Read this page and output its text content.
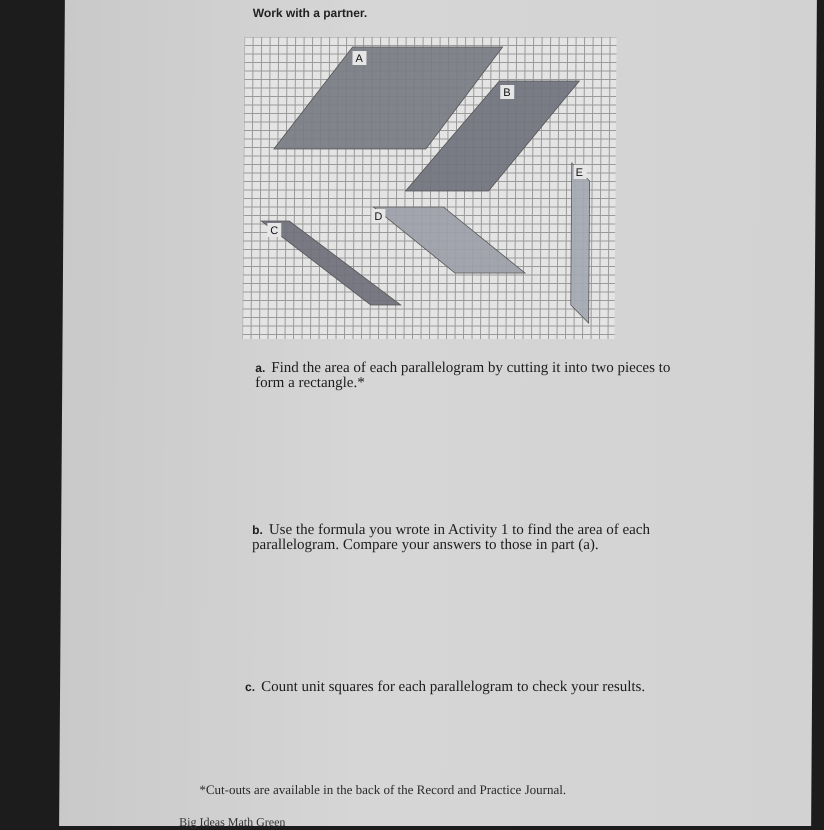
Work with a partner.
A
B
C
D
E
a. Find the area of each parallelogram by cutting it into two pieces to form a rectangle.*
b. Use the formula you wrote in Activity 1 to find the area of each parallelogram. Compare your answers to those in part (a).
c. Count unit squares for each parallelogram to check your results.
*Cut-outs are available in the back of the Record and Practice Journal.
Big Ideas Math Green
